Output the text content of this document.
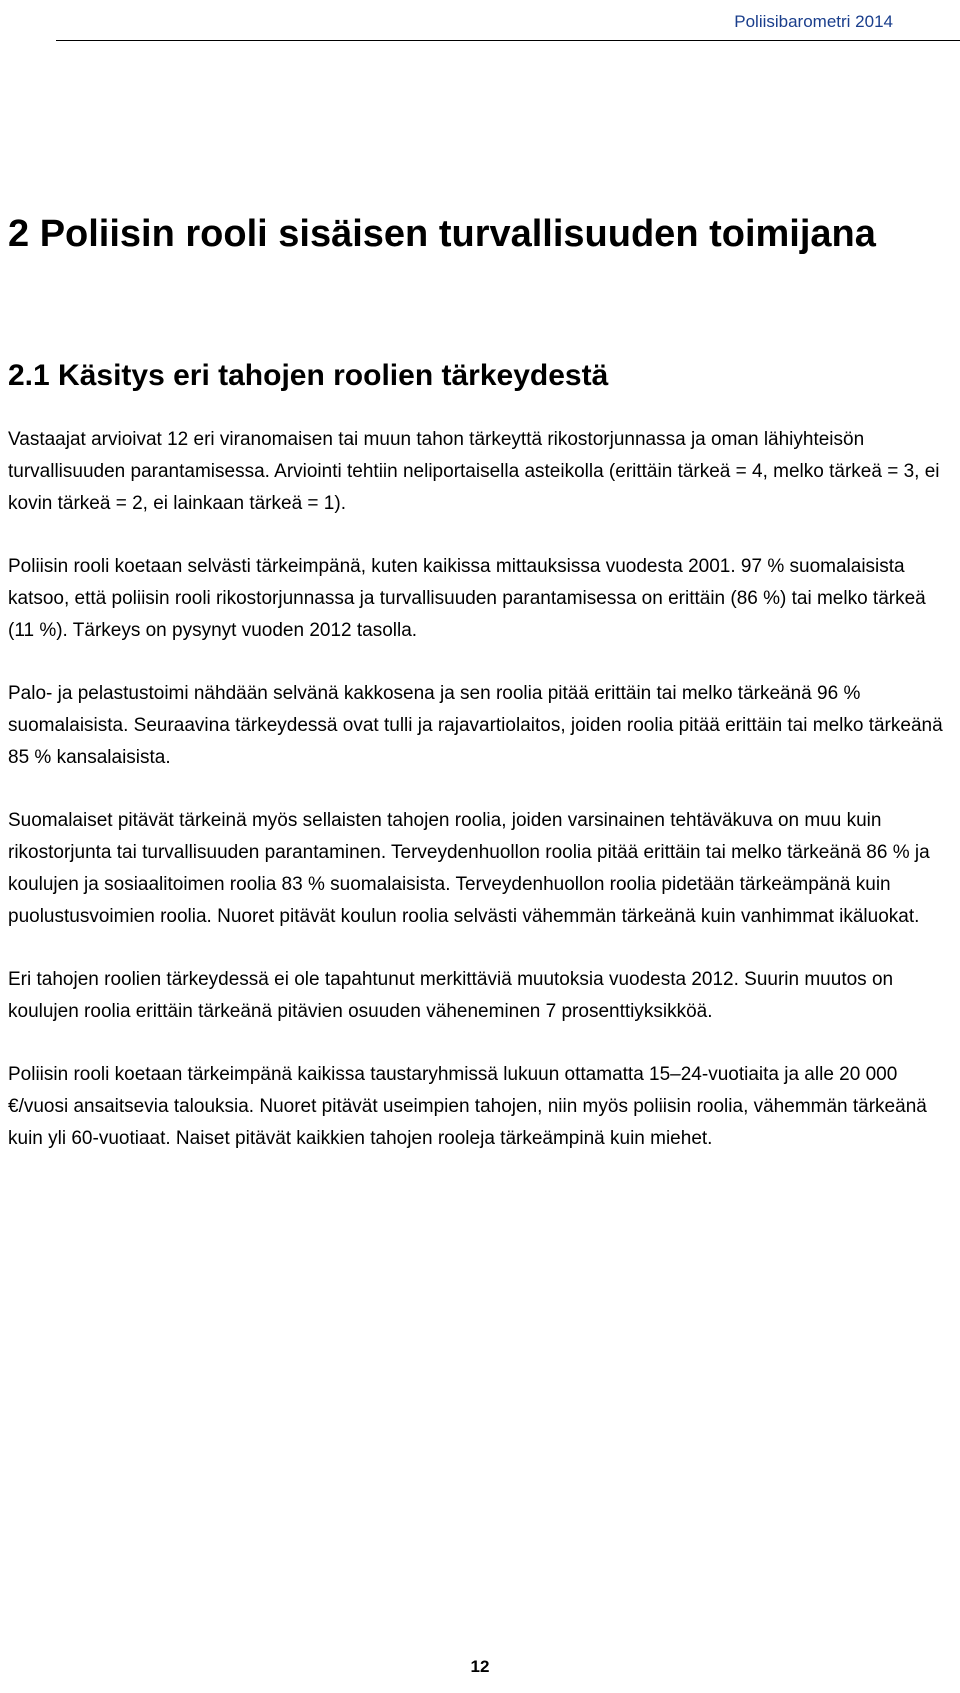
Poliisibarometri 2014
2 Poliisin rooli sisäisen turvallisuuden toimijana
2.1 Käsitys eri tahojen roolien tärkeydestä

Vastaajat arvioivat 12 eri viranomaisen tai muun tahon tärkeyttä rikostorjunnassa ja oman lähiyhteisön turvallisuuden parantamisessa. Arviointi tehtiin neliportaisella asteikolla (erittäin tärkeä = 4, melko tärkeä = 3, ei kovin tärkeä = 2, ei lainkaan tärkeä = 1).

Poliisin rooli koetaan selvästi tärkeimpänä, kuten kaikissa mittauksissa vuodesta 2001. 97 % suomalaisista katsoo, että poliisin rooli rikostorjunnassa ja turvallisuuden parantamisessa on erittäin (86 %) tai melko tärkeä (11 %). Tärkeys on pysynyt vuoden 2012 tasolla.

Palo- ja pelastustoimi nähdään selvänä kakkosena ja sen roolia pitää erittäin tai melko tärkeänä 96 % suomalaisista. Seuraavina tärkeydessä ovat tulli ja rajavartiolaitos, joiden roolia pitää erittäin tai melko tärkeänä 85 % kansalaisista.

Suomalaiset pitävät tärkeinä myös sellaisten tahojen roolia, joiden varsinainen tehtäväkuva on muu kuin rikostorjunta tai turvallisuuden parantaminen. Terveydenhuollon roolia pitää erittäin tai melko tärkeänä 86 % ja koulujen ja sosiaalitoimen roolia 83 % suomalaisista. Terveydenhuollon roolia pidetään tärkeämpänä kuin puolustusvoimien roolia. Nuoret pitävät koulun roolia selvästi vähemmän tärkeänä kuin vanhimmat ikäluokat.

Eri tahojen roolien tärkeydessä ei ole tapahtunut merkittäviä muutoksia vuodesta 2012. Suurin muutos on koulujen roolia erittäin tärkeänä pitävien osuuden väheneminen 7 prosenttiyksikköä.

Poliisin rooli koetaan tärkeimpänä kaikissa taustaryhmissä lukuun ottamatta 15–24-vuotiaita ja alle 20 000 €/vuosi ansaitsevia talouksia. Nuoret pitävät useimpien tahojen, niin myös poliisin roolia, vähemmän tärkeänä kuin yli 60-vuotiaat. Naiset pitävät kaikkien tahojen rooleja tärkeämpinä kuin miehet.

12
